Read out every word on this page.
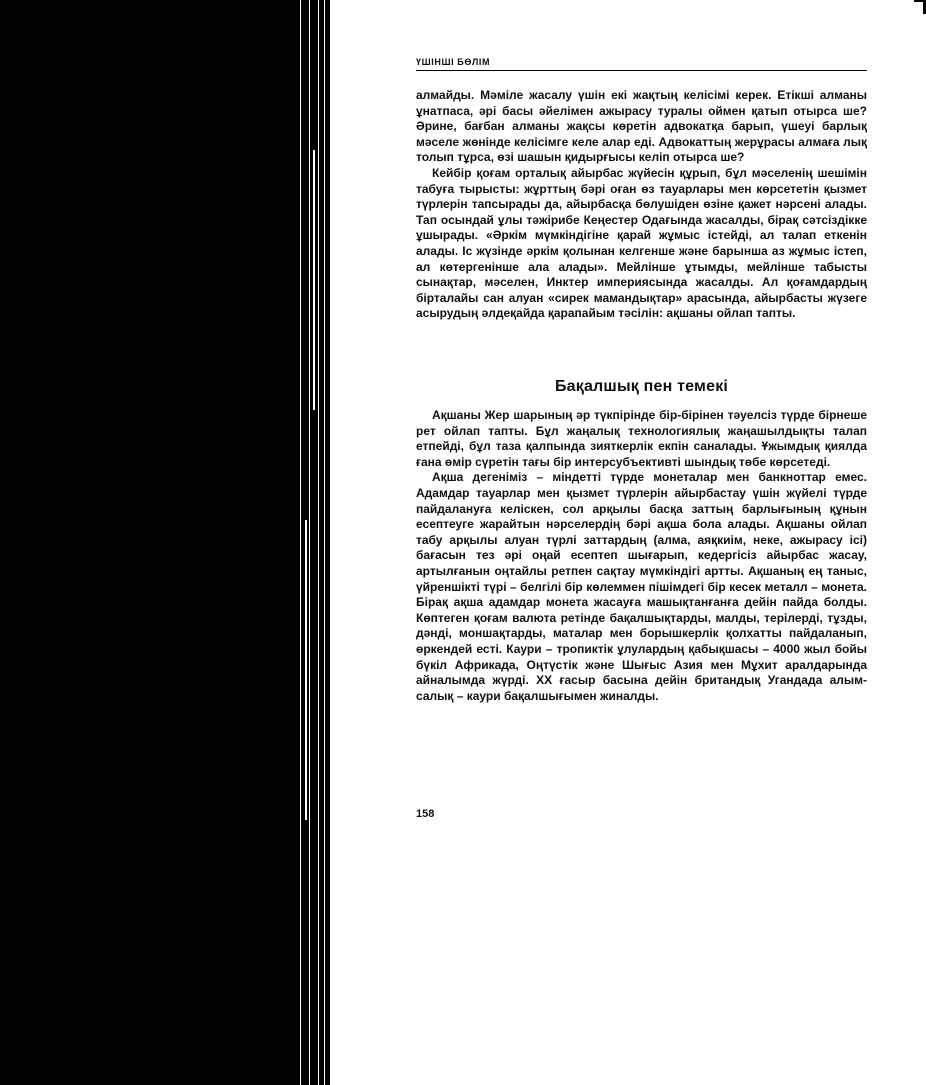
ҮШІНШІ БӨЛІМ

алмайды. Мәміле жасалу үшін екі жақтың келісімі керек. Етікші алманы ұнатпаса, әрі басы әйелімен ажырасу туралы оймен қатып отырса ше? Әрине, бағбан алманы жақсы көретін адвокатқа барып, үшеуі барлық мәселе жөнінде келісімге келе алар еді. Адвокаттың жерұрасы алмаға лық толып тұрса, өзі шашын қидырғысы келіп отырса ше?

Кейбір қоғам орталық айырбас жүйесін құрып, бұл мәселенің шешімін табуға тырысты: жұрттың бәрі оған өз тауарлары мен көрсететін қызмет түрлерін тапсырады да, айырбасқа бөлушіден өзіне қажет нәрсені алады. Тап осындай ұлы тәжірибе Кеңестер Одағында жасалды, бірақ сәтсіздікке ұшырады. «Әркім мүмкіндігіне қарай жұмыс істейді, ал талап еткенін алады. Іс жүзінде әркім қолынан келгенше және барынша аз жұмыс істеп, ал көтергенінше ала алады». Мейлінше ұтымды, мейлінше табысты сынақтар, мәселен, Инктер империясында жасалды. Ал қоғамдардың бірталайы сан алуан «сирек мамандықтар» арасында, айырбасты жүзеге асырудың әлдеқайда қарапайым тәсілін: ақшаны ойлап тапты.

Бақалшық пен темекі

Ақшаны Жер шарының әр түкпірінде бір-бірінен тәуелсіз түрде бірнеше рет ойлап тапты. Бұл жаңалық технологиялық жаңашылдықты талап етпейді, бұл таза қалпында зияткерлік екпін саналады. Ұжымдық қиялда ғана өмір сүретін тағы бір интерсубъективті шындық төбе көрсетеді.

Ақша дегеніміз – міндетті түрде монеталар мен банкноттар емес. Адамдар тауарлар мен қызмет түрлерін айырбастау үшін жүйелі түрде пайдалануға келіскен, сол арқылы басқа заттың барлығының құнын есептеуге жарайтын нәрселердің бәрі ақша бола алады. Ақшаны ойлап табу арқылы алуан түрлі заттардың (алма, аяқкиім, неке, ажырасу ісі) бағасын тез әрі оңай есептеп шығарып, кедергісіз айырбас жасау, артылғанын оңтайлы ретпен сақтау мүмкіндігі артты. Ақшаның ең таныс, үйреншікті түрі – белгілі бір көлеммен пішімдегі бір кесек металл – монета. Бірақ ақша адамдар монета жасауға машықтанғанға дейін пайда болды. Көптеген қоғам валюта ретінде бақалшықтарды, малды, терілерді, тұзды, дәнді, моншақтарды, маталар мен борышкерлік қолхатты пайдаланып, өркендей есті. Каури – тропиктік ұлулардың қабықшасы – 4000 жыл бойы бүкіл Африкада, Оңтүстік және Шығыс Азия мен Мұхит аралдарында айналымда жүрді. XX ғасыр басына дейін британдық Угандада алым-салық – каури бақалшығымен жиналды.

158
